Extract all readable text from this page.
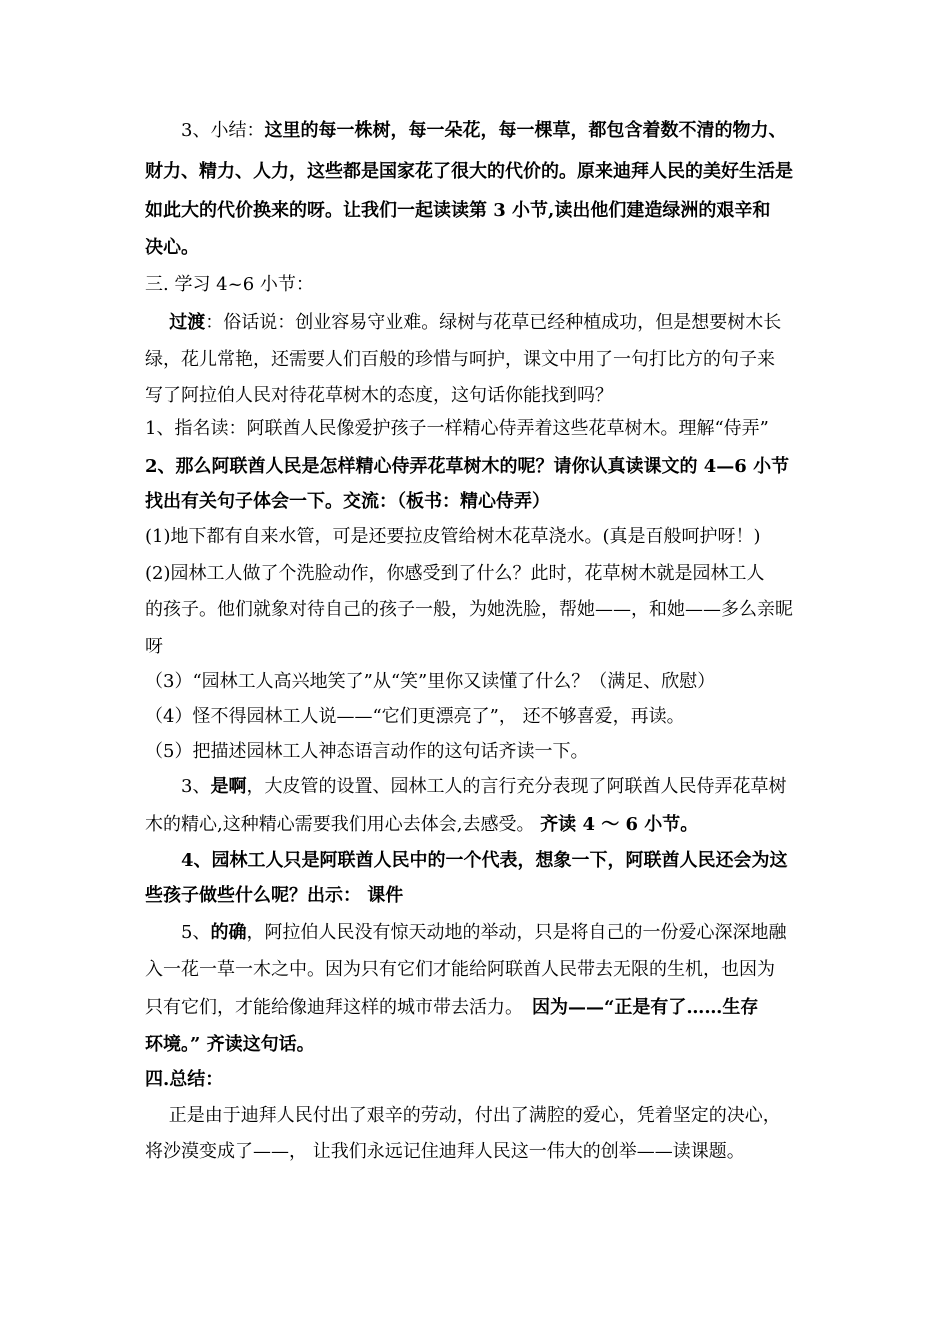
　　3、小结：这里的每一株树，每一朵花，每一棵草，都包含着数不清的物力、
财力、精力、人力，这些都是国家花了很大的代价的。原来迪拜人民的美好生活是
如此大的代价换来的呀。让我们一起读读第 3 小节,读出他们建造绿洲的艰辛和
决心。
三. 学习 4~6 小节：
　 过渡：俗话说：创业容易守业难。绿树与花草已经种植成功，但是想要树木长
绿，花儿常艳，还需要人们百般的珍惜与呵护，课文中用了一句打比方的句子来
写了阿拉伯人民对待花草树木的态度，这句话你能找到吗？
1、指名读：阿联酋人民像爱护孩子一样精心侍弄着这些花草树木。理解“侍弄”
2、那么阿联酋人民是怎样精心侍弄花草树木的呢？请你认真读课文的 4—6 小节
找出有关句子体会一下。交流：（板书：精心侍弄）
(1)地下都有自来水管，可是还要拉皮管给树木花草浇水。(真是百般呵护呀！)
(2)园林工人做了个洗脸动作，你感受到了什么？此时，花草树木就是园林工人
的孩子。他们就象对待自己的孩子一般，为她洗脸，帮她——，和她——多么亲昵
呀
（3）“园林工人高兴地笑了”从“笑”里你又读懂了什么？（满足、欣慰）
（4）怪不得园林工人说——“它们更漂亮了”， 还不够喜爱，再读。
（5）把描述园林工人神态语言动作的这句话齐读一下。
　　3、是啊，大皮管的设置、园林工人的言行充分表现了阿联酋人民侍弄花草树
木的精心,这种精心需要我们用心去体会,去感受。 齐读 4 ～ 6 小节。
　　4、园林工人只是阿联酋人民中的一个代表，想象一下，阿联酋人民还会为这
些孩子做些什么呢？出示： 课件
　　5、的确，阿拉伯人民没有惊天动地的举动，只是将自己的一份爱心深深地融
入一花一草一木之中。因为只有它们才能给阿联酋人民带去无限的生机，也因为
只有它们，才能给像迪拜这样的城市带去活力。　因为——“正是有了……生存
环境。” 齐读这句话。
四.总结：
　 正是由于迪拜人民付出了艰辛的劳动，付出了满腔的爱心，凭着坚定的决心，
将沙漠变成了——， 让我们永远记住迪拜人民这一伟大的创举——读课题。
